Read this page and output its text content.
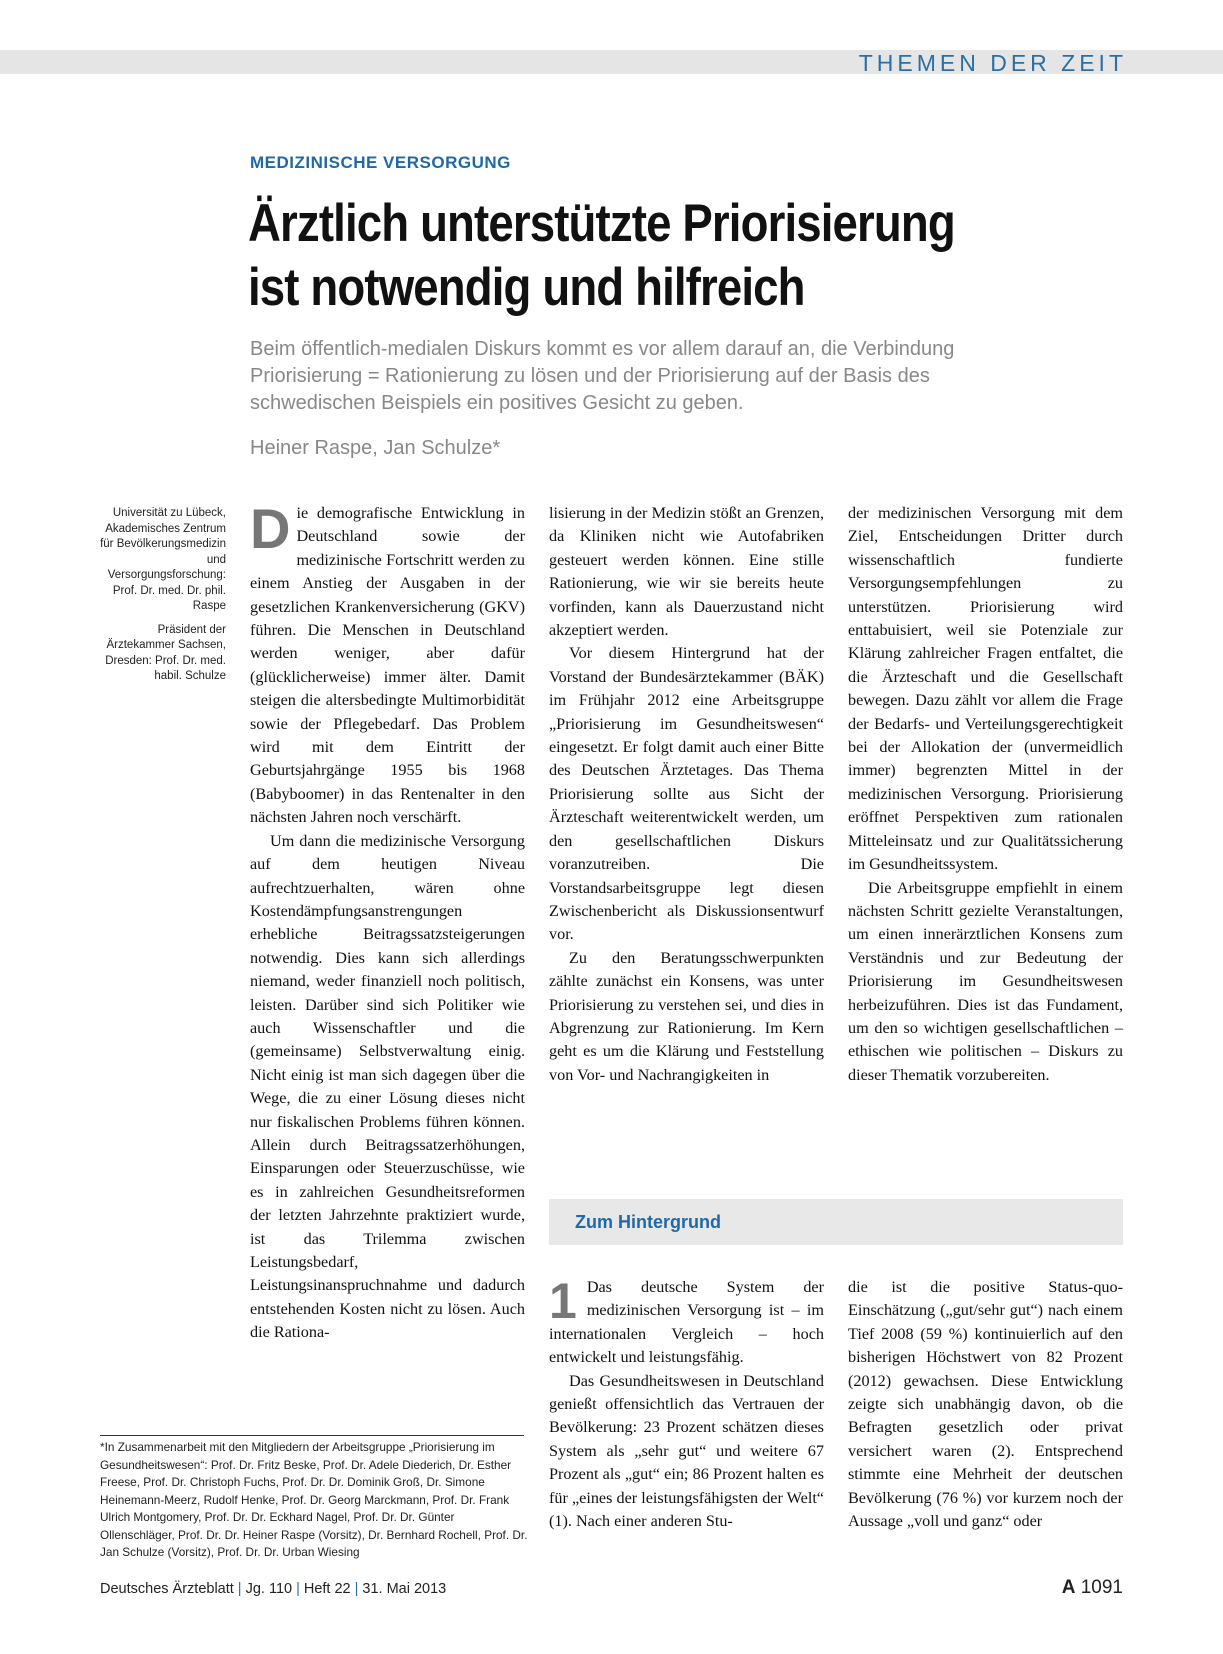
THEMEN DER ZEIT
MEDIZINISCHE VERSORGUNG
Ärztlich unterstützte Priorisierung
ist notwendig und hilfreich
Beim öffentlich-medialen Diskurs kommt es vor allem darauf an, die Verbindung Priorisierung = Rationierung zu lösen und der Priorisierung auf der Basis des schwedischen Beispiels ein positives Gesicht zu geben.
Heiner Raspe, Jan Schulze*

Universität zu Lübeck, Akademisches Zentrum für Bevölkerungsmedizin und Versorgungsforschung: Prof. Dr. med. Dr. phil. Raspe

Präsident der Ärztekammer Sachsen, Dresden: Prof. Dr. med. habil. Schulze

Die demografische Entwicklung in Deutschland sowie der medizinische Fortschritt werden zu einem Anstieg der Ausgaben in der gesetzlichen Krankenversicherung (GKV) führen. Die Menschen in Deutschland werden weniger, aber dafür (glücklicherweise) immer älter. Damit steigen die altersbedingte Multimorbidität sowie der Pflegebedarf. Das Problem wird mit dem Eintritt der Geburtsjahrgänge 1955 bis 1968 (Babyboomer) in das Rentenalter in den nächsten Jahren noch verschärft.

Um dann die medizinische Versorgung auf dem heutigen Niveau aufrechtzuerhalten, wären ohne Kostendämpfungsanstrengungen erhebliche Beitragssatzsteigerungen notwendig. Dies kann sich allerdings niemand, weder finanziell noch politisch, leisten. Darüber sind sich Politiker wie auch Wissenschaftler und die (gemeinsame) Selbstverwaltung einig. Nicht einig ist man sich dagegen über die Wege, die zu einer Lösung dieses nicht nur fiskalischen Problems führen können. Allein durch Beitragssatzerhöhungen, Einsparungen oder Steuerzuschüsse, wie es in zahlreichen Gesundheitsreformen der letzten Jahrzehnte praktiziert wurde, ist das Trilemma zwischen Leistungsbedarf, Leistungsinanspruchnahme und dadurch entstehenden Kosten nicht zu lösen. Auch die Rationa-

lisierung in der Medizin stößt an Grenzen, da Kliniken nicht wie Autofabriken gesteuert werden können. Eine stille Rationierung, wie wir sie bereits heute vorfinden, kann als Dauerzustand nicht akzeptiert werden.

Vor diesem Hintergrund hat der Vorstand der Bundesärztekammer (BÄK) im Frühjahr 2012 eine Arbeitsgruppe „Priorisierung im Gesundheitswesen“ eingesetzt. Er folgt damit auch einer Bitte des Deutschen Ärztetages. Das Thema Priorisierung sollte aus Sicht der Ärzteschaft weiterentwickelt werden, um den gesellschaftlichen Diskurs voranzutreiben. Die Vorstandsarbeitsgruppe legt diesen Zwischenbericht als Diskussionsentwurf vor.

Zu den Beratungsschwerpunkten zählte zunächst ein Konsens, was unter Priorisierung zu verstehen sei, und dies in Abgrenzung zur Rationierung. Im Kern geht es um die Klärung und Feststellung von Vor- und Nachrangigkeiten in

der medizinischen Versorgung mit dem Ziel, Entscheidungen Dritter durch wissenschaftlich fundierte Versorgungsempfehlungen zu unterstützen. Priorisierung wird enttabuisiert, weil sie Potenziale zur Klärung zahlreicher Fragen entfaltet, die die Ärzteschaft und die Gesellschaft bewegen. Dazu zählt vor allem die Frage der Bedarfs- und Verteilungsgerechtigkeit bei der Allokation der (unvermeidlich immer) begrenzten Mittel in der medizinischen Versorgung. Priorisierung eröffnet Perspektiven zum rationalen Mitteleinsatz und zur Qualitätssicherung im Gesundheitssystem.

Die Arbeitsgruppe empfiehlt in einem nächsten Schritt gezielte Veranstaltungen, um einen innerärztlichen Konsens zum Verständnis und zur Bedeutung der Priorisierung im Gesundheitswesen herbeizuführen. Dies ist das Fundament, um den so wichtigen gesellschaftlichen – ethischen wie politischen – Diskurs zu dieser Thematik vorzubereiten.

Zum Hintergrund

1 Das deutsche System der medizinischen Versorgung ist – im internationalen Vergleich – hoch entwickelt und leistungsfähig.

Das Gesundheitswesen in Deutschland genießt offensichtlich das Vertrauen der Bevölkerung: 23 Prozent schätzen dieses System als „sehr gut“ und weitere 67 Prozent als „gut“ ein; 86 Prozent halten es für „eines der leistungsfähigsten der Welt“ (1). Nach einer anderen Stu-

die ist die positive Status-quo-Einschätzung („gut/sehr gut“) nach einem Tief 2008 (59 %) kontinuierlich auf den bisherigen Höchstwert von 82 Prozent (2012) gewachsen. Diese Entwicklung zeigte sich unabhängig davon, ob die Befragten gesetzlich oder privat versichert waren (2). Entsprechend stimmte eine Mehrheit der deutschen Bevölkerung (76 %) vor kurzem noch der Aussage „voll und ganz“ oder

*In Zusammenarbeit mit den Mitgliedern der Arbeitsgruppe „Priorisierung im Gesundheitswesen“: Prof. Dr. Fritz Beske, Prof. Dr. Adele Diederich, Dr. Esther Freese, Prof. Dr. Christoph Fuchs, Prof. Dr. Dr. Dominik Groß, Dr. Simone Heinemann-Meerz, Rudolf Henke, Prof. Dr. Georg Marckmann, Prof. Dr. Frank Ulrich Montgomery, Prof. Dr. Dr. Eckhard Nagel, Prof. Dr. Dr. Günter Ollenschläger, Prof. Dr. Dr. Heiner Raspe (Vorsitz), Dr. Bernhard Rochell, Prof. Dr. Jan Schulze (Vorsitz), Prof. Dr. Dr. Urban Wiesing
Deutsches Ärzteblatt | Jg. 110 | Heft 22 | 31. Mai 2013	A 1091
